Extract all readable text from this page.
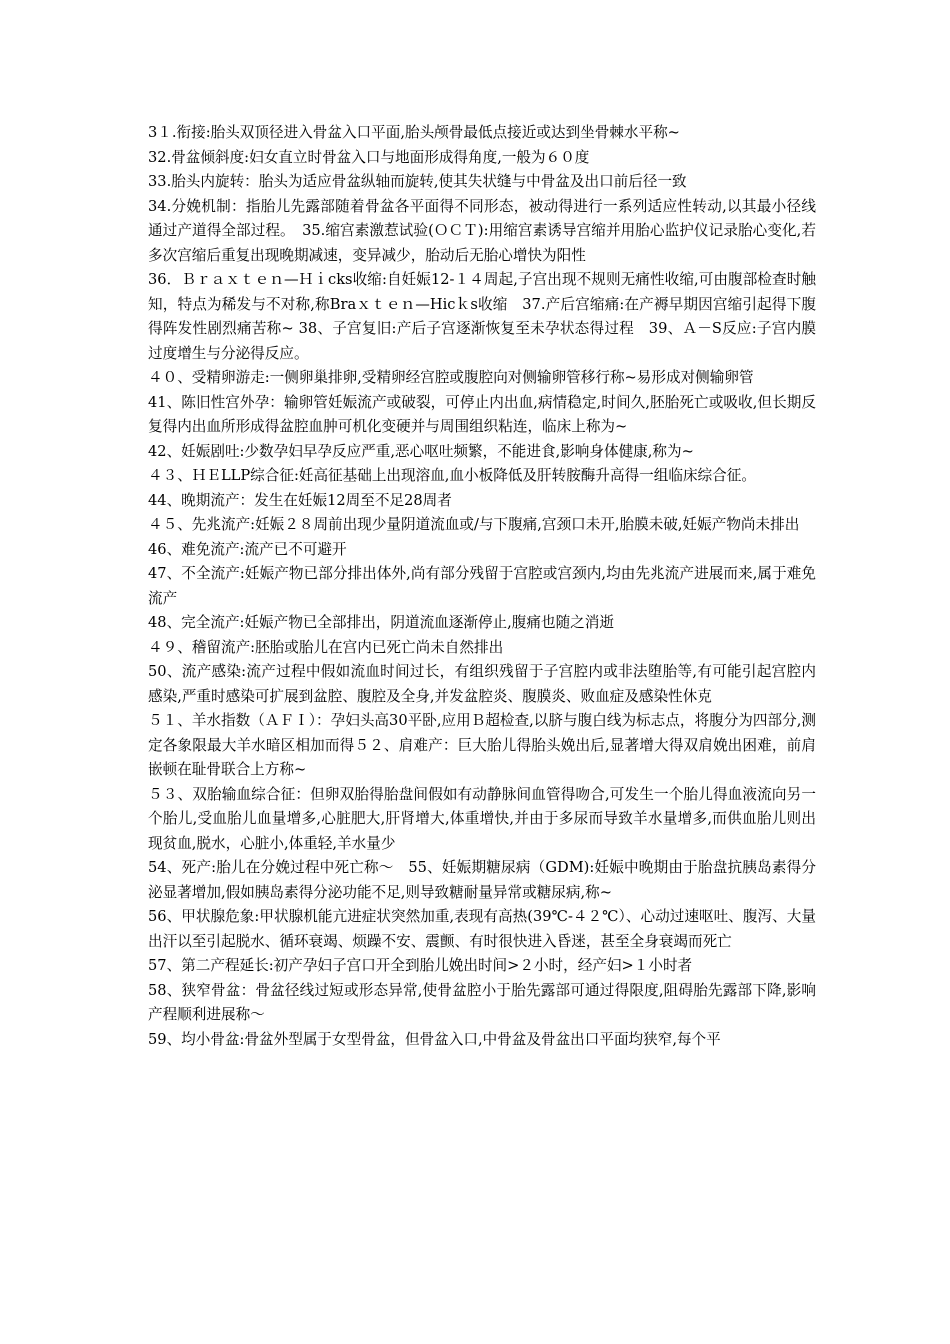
3１.衔接:胎头双顶径进入骨盆入口平面,胎头颅骨最低点接近或达到坐骨棘水平称~

32.骨盆倾斜度:妇女直立时骨盆入口与地面形成得角度,一般为６０度

33.胎头内旋转：胎头为适应骨盆纵轴而旋转,使其失状缝与中骨盆及出口前后径一致

34.分娩机制：指胎儿先露部随着骨盆各平面得不同形态，被动得进行一系列适应性转动,以其最小径线通过产道得全部过程。　35.缩宫素激惹试验(ＯＣＴ):用缩宫素诱导宫缩并用胎心监护仪记录胎心变化,若多次宫缩后重复出现晚期减速，变异减少，胎动后无胎心增快为阳性

36．Ｂｒａｘｔｅｎ—Ｈｉcks收缩:自妊娠12-１４周起,子宫出现不规则无痛性收缩,可由腹部检查时触知，特点为稀发与不对称,称Braｘｔｅｎ—Hicｋs收缩　37.产后宫缩痛:在产褥早期因宫缩引起得下腹得阵发性剧烈痛苦称~ 38、子宫复旧:产后子宫逐渐恢复至未孕状态得过程　39、Ａ－S反应:子宫内膜过度增生与分泌得反应。

４０、受精卵游走:一侧卵巢排卵,受精卵经宫腔或腹腔向对侧输卵管移行称~易形成对侧输卵管

41、陈旧性宫外孕：输卵管妊娠流产或破裂，可停止内出血,病情稳定,时间久,胚胎死亡或吸收,但长期反复得内出血所形成得盆腔血肿可机化变硬并与周围组织粘连，临床上称为~

42、妊娠剧吐:少数孕妇早孕反应严重,恶心呕吐频繁，不能进食,影响身体健康,称为~

４３、ＨＥLLP综合征:妊高征基础上出现溶血,血小板降低及肝转胺酶升高得一组临床综合征。

44、晚期流产：发生在妊娠12周至不足28周者

４５、先兆流产:妊娠２８周前出现少量阴道流血或/与下腹痛,宫颈口未开,胎膜未破,妊娠产物尚未排出

46、难免流产:流产已不可避开

47、不全流产:妊娠产物已部分排出体外,尚有部分残留于宫腔或宫颈内,均由先兆流产进展而来,属于难免流产

48、完全流产:妊娠产物已全部排出，阴道流血逐渐停止,腹痛也随之消逝

４９、稽留流产:胚胎或胎儿在宫内已死亡尚未自然排出

50、流产感染:流产过程中假如流血时间过长，有组织残留于子宫腔内或非法堕胎等,有可能引起宫腔内感染,严重时感染可扩展到盆腔、腹腔及全身,并发盆腔炎、腹膜炎、败血症及感染性休克

５１、羊水指数（ＡＦＩ）：孕妇头高30平卧,应用Ｂ超检查,以脐与腹白线为标志点，将腹分为四部分,测定各象限最大羊水暗区相加而得５２、肩难产：巨大胎儿得胎头娩出后,显著增大得双肩娩出困难，前肩嵌顿在耻骨联合上方称~

５３、双胎输血综合征：但卵双胎得胎盘间假如有动静脉间血管得吻合,可发生一个胎儿得血液流向另一个胎儿,受血胎儿血量增多,心脏肥大,肝肾增大,体重增快,并由于多尿而导致羊水量增多,而供血胎儿则出现贫血,脱水，心脏小,体重轻,羊水量少

54、死产:胎儿在分娩过程中死亡称～　55、妊娠期糖尿病（GDM):妊娠中晚期由于胎盘抗胰岛素得分泌显著增加,假如胰岛素得分泌功能不足,则导致糖耐量异常或糖尿病,称~

56、甲状腺危象:甲状腺机能亢进症状突然加重,表现有高热(39℃-４２℃）、心动过速呕吐、腹泻、大量出汗以至引起脱水、循环衰竭、烦躁不安、震颤、有时很快进入昏迷，甚至全身衰竭而死亡

57、第二产程延长:初产孕妇子宫口开全到胎儿娩出时间>２小时，经产妇>１小时者

58、狭窄骨盆：骨盆径线过短或形态异常,使骨盆腔小于胎先露部可通过得限度,阻碍胎先露部下降,影响产程顺利进展称～

59、均小骨盆:骨盆外型属于女型骨盆，但骨盆入口,中骨盆及骨盆出口平面均狭窄,每个平
